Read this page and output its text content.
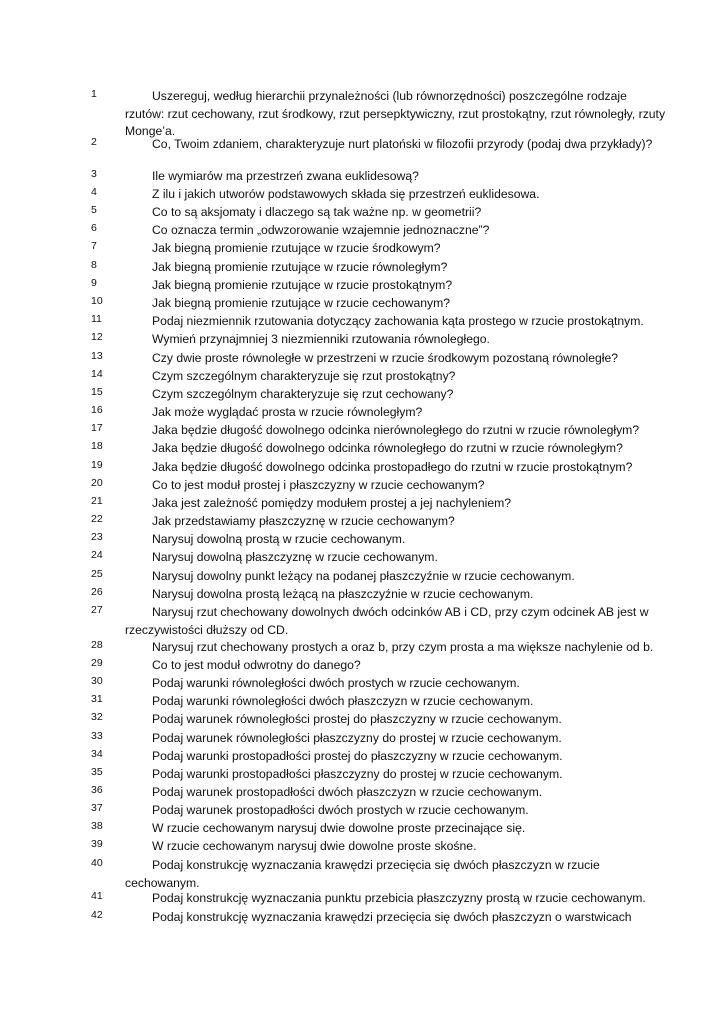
1	Uszereguj, według hierarchii przynależności (lub równorzędności) poszczególne rodzaje rzutów: rzut cechowany, rzut środkowy, rzut persepktywiczny, rzut prostokątny, rzut równoległy, rzuty Monge’a.
2	Co, Twoim zdaniem, charakteryzuje nurt platoński w filozofii przyrody (podaj dwa przykłady)?
3	Ile wymiarów ma przestrzeń zwana euklidesową?
4	Z ilu i jakich utworów podstawowych składa się przestrzeń euklidesowa.
5	Co to są aksjomaty i dlaczego są tak ważne np. w geometrii?
6	Co oznacza termin „odwzorowanie wzajemnie jednoznaczne”?
7	Jak biegną promienie rzutujące w rzucie środkowym?
8	Jak biegną promienie rzutujące w rzucie równoległym?
9	Jak biegną promienie rzutujące w rzucie prostokątnym?
10	Jak biegną promienie rzutujące w rzucie cechowanym?
11	Podaj niezmiennik rzutowania dotyczący zachowania kąta prostego w rzucie prostokątnym.
12	Wymień przynajmniej 3 niezmienniki rzutowania równoległego.
13	Czy dwie proste równoległe w przestrzeni w rzucie środkowym pozostaną równoległe?
14	Czym szczególnym charakteryzuje się rzut prostokątny?
15	Czym szczególnym charakteryzuje się rzut cechowany?
16	Jak może wyglądać prosta w rzucie równoległym?
17	Jaka będzie długość dowolnego odcinka nierównoległego do rzutni w rzucie równoległym?
18	Jaka będzie długość dowolnego odcinka równoległego do rzutni w rzucie równoległym?
19	Jaka będzie długość dowolnego odcinka prostopadłego do rzutni w rzucie prostokątnym?
20	Co to jest moduł prostej i płaszczyzny w rzucie cechowanym?
21	Jaka jest zależność pomiędzy modułem prostej a jej nachyleniem?
22	Jak przedstawiamy płaszczyznę w rzucie cechowanym?
23	Narysuj dowolną prostą w rzucie cechowanym.
24	Narysuj dowolną płaszczyznę w rzucie cechowanym.
25	Narysuj dowolny punkt leżący na podanej płaszczyźnie w rzucie cechowanym.
26	Narysuj dowolna prostą leżącą na płaszczyźnie w rzucie cechowanym.
27	Narysuj rzut chechowany dowolnych dwóch odcinków AB i CD, przy czym odcinek AB jest w rzeczywistości dłuższy od CD.
28	Narysuj rzut chechowany prostych a oraz b, przy czym prosta a ma większe nachylenie od b.
29	Co to jest moduł odwrotny do danego?
30	Podaj warunki równoległości dwóch prostych w rzucie cechowanym.
31	Podaj warunki równoległości dwóch płaszczyzn w rzucie cechowanym.
32	Podaj warunek równoległości prostej do płaszczyzny w rzucie cechowanym.
33	Podaj warunek równoległości płaszczyzny do prostej w rzucie cechowanym.
34	Podaj warunki prostopadłości prostej do płaszczyzny w rzucie cechowanym.
35	Podaj warunki prostopadłości płaszczyzny do prostej w rzucie cechowanym.
36	Podaj warunek prostopadłości dwóch płaszczyzn w rzucie cechowanym.
37	Podaj warunek prostopadłości dwóch prostych w rzucie cechowanym.
38	W rzucie cechowanym narysuj dwie dowolne proste przecinające się.
39	W rzucie cechowanym narysuj dwie dowolne proste skośne.
40	Podaj konstrukcję wyznaczania krawędzi przecięcia się dwóch płaszczyzn w rzucie cechowanym.
41	Podaj konstrukcję wyznaczania punktu przebicia płaszczyzny prostą w rzucie cechowanym.
42	Podaj konstrukcję wyznaczania krawędzi przecięcia się dwóch płaszczyzn o warstwicach
